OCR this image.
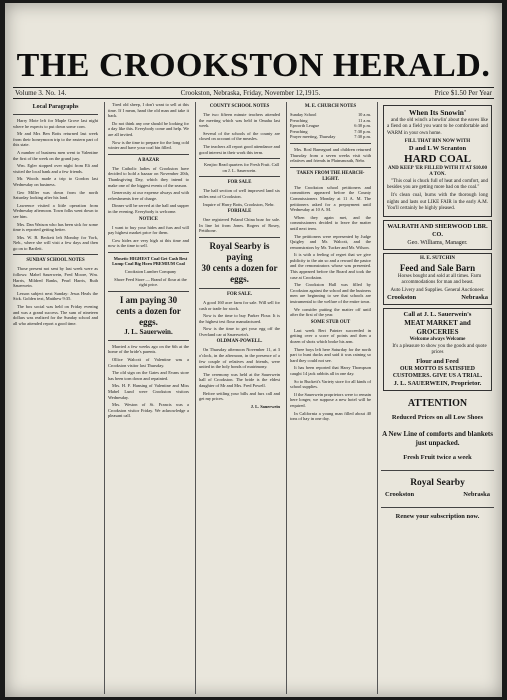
THE CROOKSTON HERALD.
Volume 3. No. 14.	Crookston, Nebraska, Friday, November 12,1915.	Price $1.50 Per Year
Local Paragraphs

Harry Mote left for Maple Grove last night where he expects to put down some corn.

Mr and Mrs Ben Botts returned last week from their honeymoon trip to the eastern part of this state.

A number of business men went to Valentine the first of the week on the grand jury.

Wm. Egler stopped over night from Eli and visited the local bank and a few friends.

Mr. Woods made a trip to Gordon last Wednesday on business.

Geo Miller was down from the north Saturday looking after his land.

Lawrence visited a little operation from Wednesday afternoon. Town folks went down to see him.

Mrs. Dan Watson who has been sick for some time is reported getting better.

Mrs. W. B. Beckett left Monday for York, Neb., where she will visit a few days and then go on to Bartlett.

SUNDAY SCHOOL NOTES

Those present not sent by last week were as follows: Mabel Sauerwein, Fred Moore, Wm. Harris, Mildred Banks, Pearl Harris, Ruth Sauerwein.

Lesson subject next Sunday: Jesus Heals the Sick. Golden text, Matthew 9:35.

The box social was held on Friday evening and was a grand success. The sum of nineteen dollars was realized for the Sunday school and all who attended report a good time.

Tired old sheep, I don't want to sell at this time. If I mean, hand the old man and take it back.

Do not think any one should be looking for a day like this. Everybody come and help. We are all invited.

Now is the time to prepare for the long cold winter and have your coal bin filled.

A BAZAR

The Catholic ladies of Crookston have decided to hold a bazaar on November 20th, Thanksgiving Day, which they intend to make one of the biggest events of the season.

Generosity at our expense always and with refreshments free of charge.

Dinner will be served at the hall and supper in the evening. Everybody is welcome.

NOTICE

I want to buy your hides and furs and will pay highest market price for them.

Cow hides are very high at this time and now is the time to sell.

Mosetic HIGHEST Coal Get Cash Best Lump Coal Big Horn PREMIUM Coal

Crookston Lumber Company

Shore Feed Store — Brand of flour at the right price.

I am paying 30
cents a dozen for eggs.
J. L. Sauerwein.

Married a few weeks ago on the 6th at the home of the bride's parents.

Ollice Walcott of Valentine was a Crookston visitor last Thursday.

The old sign on the Gates and Evans store has been torn down and repainted.

Mrs. H. F. Hansing of Valentine and Miss Mabel Lund were Crookston visitors Wednesday.

Mrs. Weston of St. Francis was a Crookston visitor Friday. We acknowledge a pleasant call.

COUNTY SCHOOL NOTES

The two fifteen minute teachers attended the meeting which was held in Omaha last week.

Several of the schools of the county are closed on account of the measles.

The teachers all report good attendance and good interest in their work this term.

Kenjiro Read quarters for Fresh Fruit. Call on J. L. Sauerwein.

FOR SALE

The half section of well improved land six miles east of Crookston.

Inquire of Harry Botts, Crookston, Nebr.

FORHALE

One registered Poland China boar for sale. In line lot from Jones. Rogers of Rosey, Pettibone.

Royal Searby is paying
30 cents a dozen for eggs.
FOR SALE.

A good 160 acre farm for sale. Will sell for cash or trade for stock.

Now is the time to buy Parker Flour. It is the highest test flour manufactured.

Now is the time to get your egg off the Overland car at Sauerwein's.

OLDMAN-POWELL.

On Thursday afternoon November 11, at 3 o'clock, in the afternoon, in the presence of a few couple of relatives and friends, were united in the holy bonds of matrimony.

The ceremony was held at the Sauerwein hall of Crookston. The bride is the eldest daughter of Mr and Mrs. Fred Powell.

Before settling your bills and furs call and get my prices.

J. L. Sauerwein

M. E. CHURCH NOTES
Sunday School	10 a.m.
Preaching	11 a.m.
Epworth League	6:30 p.m.
Preaching	7:30 p.m.
Prayer meeting, Thursday	7:30 p.m.

Mrs. Rosl Barnegard and children returned Thursday from a seven weeks visit with relatives and friends in Plainsmouth, Nebr.

TAKEN FROM THE HEARCH-LIGHT.

The Crookston school petitioners and committees appeared before the County Commissioners Monday at 11 A. M. The petitioners asked for a prepayment until Wednesday at 10 A. M.

When they again met, and the commissioners decided to leave the matter until next term.

The petitioners were represented by Judge Quigley and Mr. Walcott, and the remonstrators by Mr. Tucker and Mr. Wilson.

It is with a feeling of regret that we give publicity to the ain so and a reward the pastor and the remonstrators whose was presented. This appeared before the Board and took the case at Crookston.

The Crookston Hall was filled by Crookston against the school and the business men are beginning to see that schools are instrumental to the welfare of the entire town.

We consider putting the matter off until after the first of the year.

SOME STUB OUT

Last week Bert Painter succeeded in getting over a score of points and then a dozen of shots which broke his arm.

Three boys left here Saturday for the north part to hunt ducks and said it was raining so hard they could not see.

It has been reported that Harry Thompson caught 14 jack rabbits all in one day.

So to Buckett's Variety store for all kinds of school supplies.

If the Sauerwein proprietors were to remain here longer, we suppose a new hotel will be required.

In California a young man filled about 40 tons of hay in one day.

When Its Snowin'

and the old wind's a howlin' about the eaves like a fiend on a field you want to be comfortable and WARM in your own home.

FILL THAT BIN NOW WITH
D and L W Scranton
HARD COAL
AND KEEP 'ER FILLED WITH IT AT $10.00 A TON.

"This coal is chuck full of heat and comfort, and besides you are getting more bad on the coal."

It's clean coal, burns with the thorough long nights and lasts out LIKE FAIR in the early A.M. You'll certainly be highly pleased.

WALRATH AND SHERWOOD LBR. CO.
Geo. Williams, Manager.
H. E. SUTCHIN
Feed and Sale Barn

Horses bought and sold at all times. Farm accommodations for man and beast.

Auto Livery and Supplies. General Auctioneer.
Crookston	Nebraska
Call at J. L. Sauerwein's
MEAT MARKET and GROCERIES
Welcome always Welcome

It's a pleasure to show you the goods and quote prices

Flour and Feed
OUR MOTTO IS SATISFIED CUSTOMERS. GIVE US A TRIAL.
J. L. SAUERWEIN, Proprietor.
ATTENTION
Reduced Prices on all Low Shoes
A New Line of comforts and blankets just unpacked.
Fresh Fruit twice a week
Royal Searby
Crookston	Nebraska
Renew your subscription now.
